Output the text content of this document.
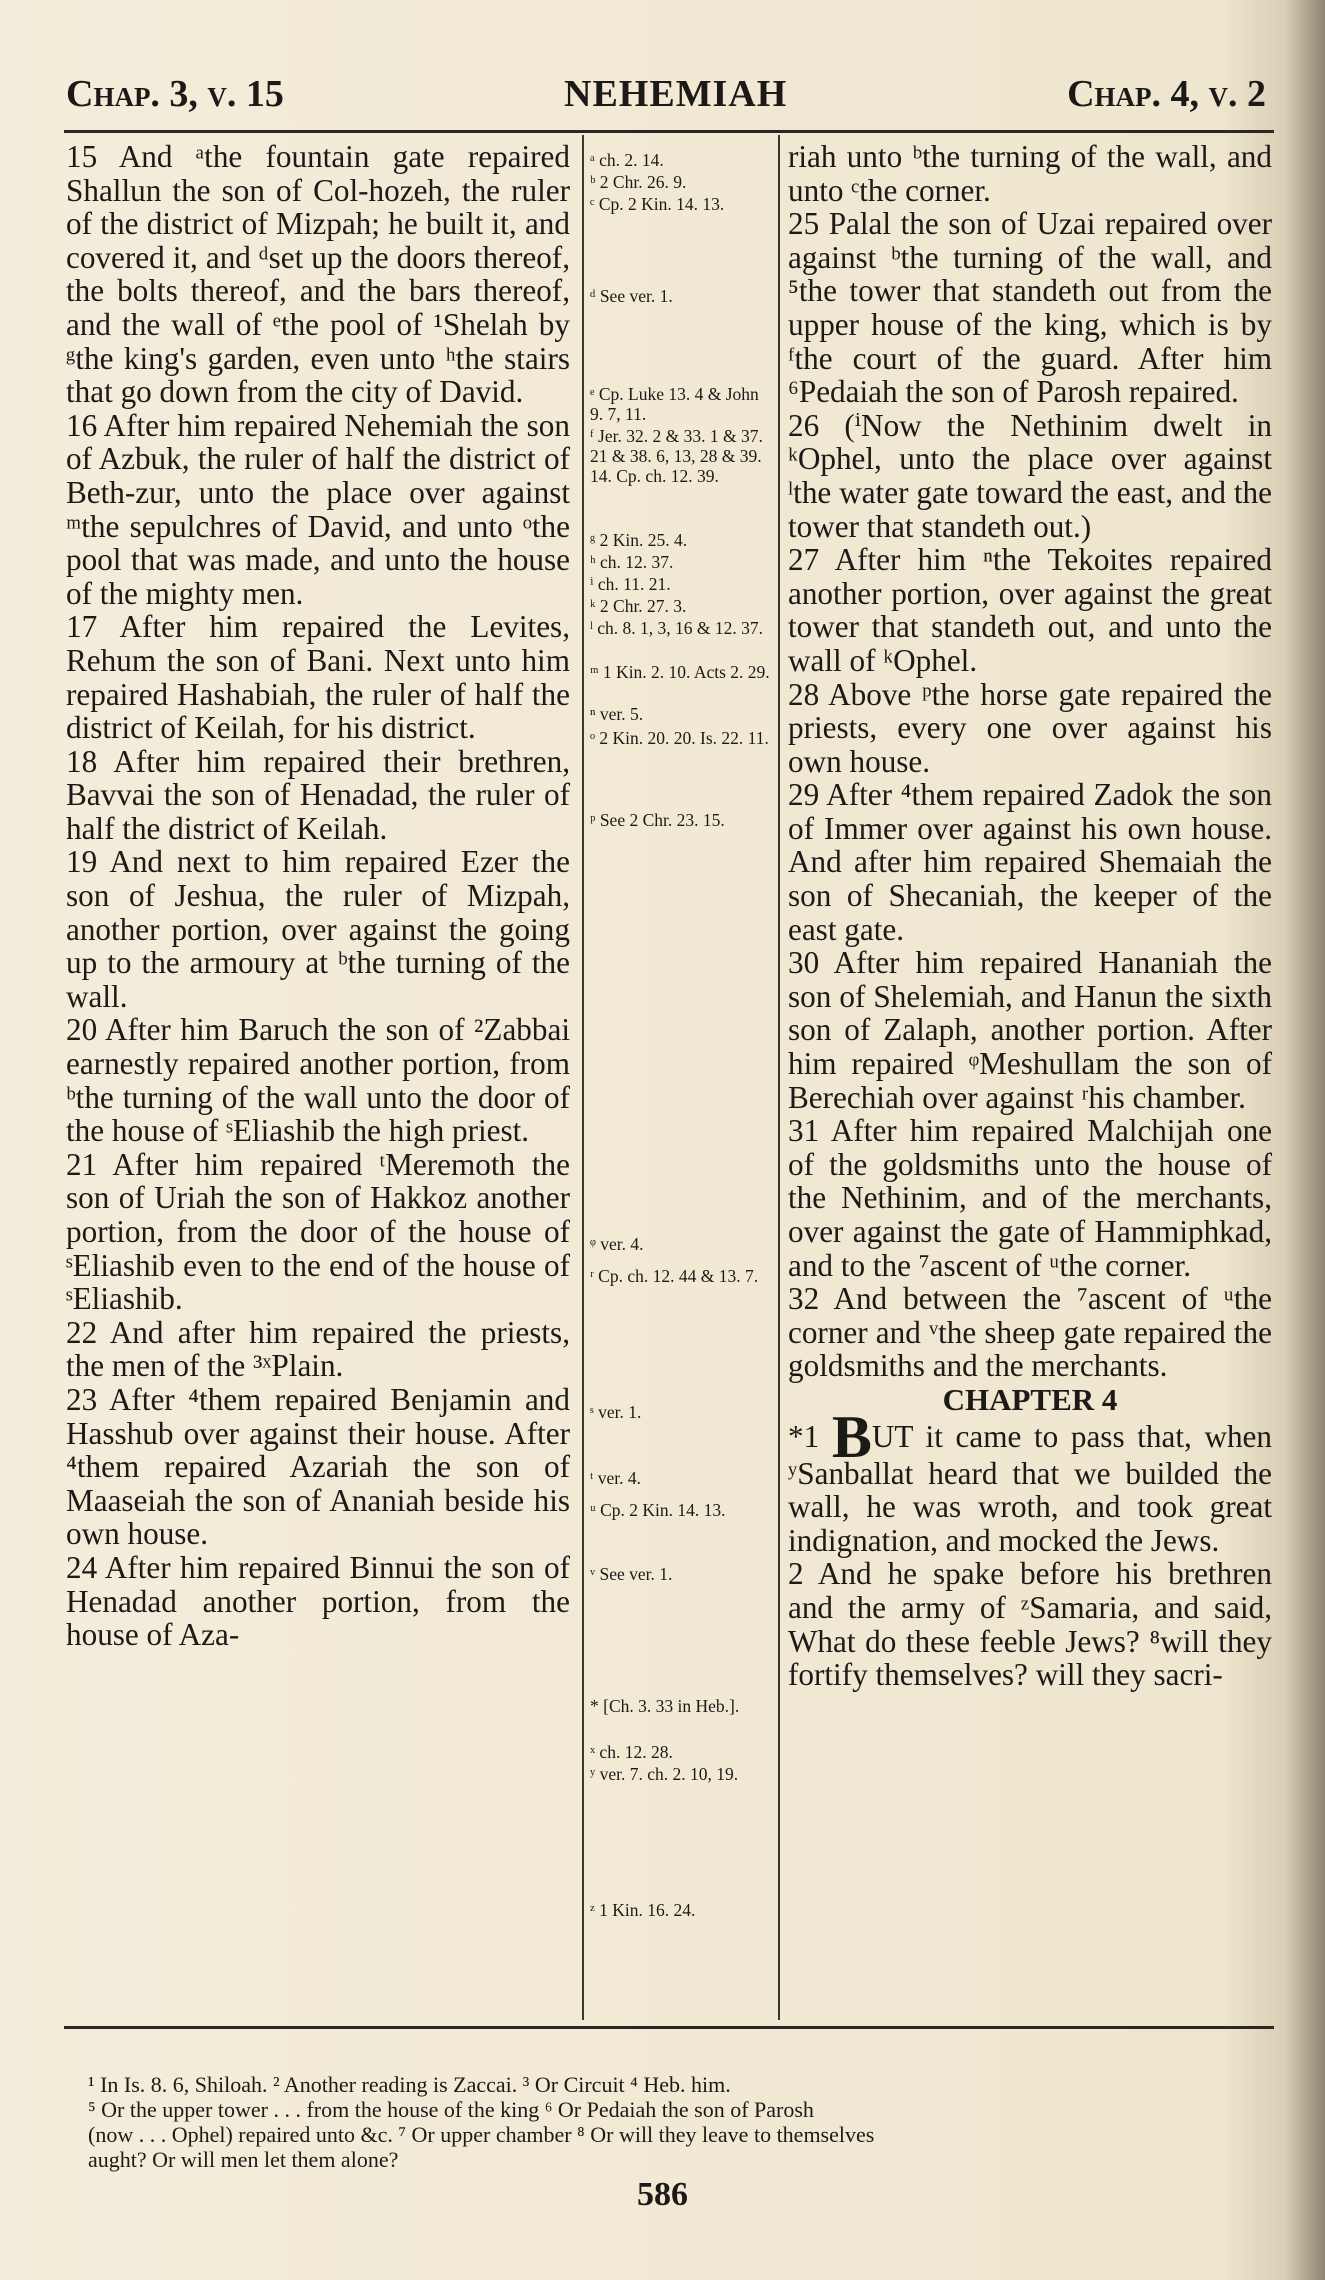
Chap. 3, v. 15	NEHEMIAH	Chap. 4, v. 2

15 And ᵃthe fountain gate repaired Shallun the son of Col-hozeh, the ruler of the district of Mizpah; he built it, and covered it, and ᵈset up the doors thereof, the bolts thereof, and the bars thereof, and the wall of ᵉthe pool of ¹Shelah by ᵍthe king's garden, even unto ʰthe stairs that go down from the city of David.

16 After him repaired Nehemiah the son of Azbuk, the ruler of half the district of Beth-zur, unto the place over against ᵐthe sepulchres of David, and unto ᵒthe pool that was made, and unto the house of the mighty men.

17 After him repaired the Levites, Rehum the son of Bani. Next unto him repaired Hashabiah, the ruler of half the district of Keilah, for his district.

18 After him repaired their brethren, Bavvai the son of Henadad, the ruler of half the district of Keilah.

19 And next to him repaired Ezer the son of Jeshua, the ruler of Mizpah, another portion, over against the going up to the armoury at ᵇthe turning of the wall.

20 After him Baruch the son of ²Zabbai earnestly repaired another portion, from ᵇthe turning of the wall unto the door of the house of ˢEliashib the high priest.

21 After him repaired ᵗMeremoth the son of Uriah the son of Hakkoz another portion, from the door of the house of ˢEliashib even to the end of the house of ˢEliashib.

22 And after him repaired the priests, the men of the ³ˣPlain.

23 After ⁴them repaired Benjamin and Hasshub over against their house. After ⁴them repaired Azariah the son of Maaseiah the son of Ananiah beside his own house.

24 After him repaired Binnui the son of Henadad another portion, from the house of Aza-

ᵃ ch. 2. 14.
ᵇ 2 Chr. 26. 9.
ᶜ Cp. 2 Kin. 14. 13.
ᵈ See ver. 1.
ᵉ Cp. Luke 13. 4 & John 9. 7, 11.
ᶠ Jer. 32. 2 & 33. 1 & 37. 21 & 38. 6, 13, 28 & 39. 14. Cp. ch. 12. 39.
ᵍ 2 Kin. 25. 4.
ʰ ch. 12. 37.
ⁱ ch. 11. 21.
ᵏ 2 Chr. 27. 3.
ˡ ch. 8. 1, 3, 16 & 12. 37.
ᵐ 1 Kin. 2. 10. Acts 2. 29.
ⁿ ver. 5.
ᵒ 2 Kin. 20. 20. Is. 22. 11.
ᵖ See 2 Chr. 23. 15.
ᵠ ver. 4.
ʳ Cp. ch. 12. 44 & 13. 7.
ˢ ver. 1.
ᵗ ver. 4.
ᵘ Cp. 2 Kin. 14. 13.
ᵛ See ver. 1.
* [Ch. 3. 33 in Heb.].
ˣ ch. 12. 28.
ʸ ver. 7. ch. 2. 10, 19.
ᶻ 1 Kin. 16. 24.

riah unto ᵇthe turning of the wall, and unto ᶜthe corner.

25 Palal the son of Uzai repaired over against ᵇthe turning of the wall, and ⁵the tower that standeth out from the upper house of the king, which is by ᶠthe court of the guard. After him ⁶Pedaiah the son of Parosh repaired.

26 (ⁱNow the Nethinim dwelt in ᵏOphel, unto the place over against ˡthe water gate toward the east, and the tower that standeth out.)

27 After him ⁿthe Tekoites repaired another portion, over against the great tower that standeth out, and unto the wall of ᵏOphel.

28 Above ᵖthe horse gate repaired the priests, every one over against his own house.

29 After ⁴them repaired Zadok the son of Immer over against his own house. And after him repaired Shemaiah the son of Shecaniah, the keeper of the east gate.

30 After him repaired Hananiah the son of Shelemiah, and Hanun the sixth son of Zalaph, another portion. After him repaired ᵠMeshullam the son of Berechiah over against ʳhis chamber.

31 After him repaired Malchijah one of the goldsmiths unto the house of the Nethinim, and of the merchants, over against the gate of Hammiphkad, and to the ⁷ascent of ᵘthe corner.

32 And between the ⁷ascent of ᵘthe corner and ᵛthe sheep gate repaired the goldsmiths and the merchants.

CHAPTER 4

*1 BUT it came to pass that, when ʸSanballat heard that we builded the wall, he was wroth, and took great indignation, and mocked the Jews.

2 And he spake before his brethren and the army of ᶻSamaria, and said, What do these feeble Jews? ⁸will they fortify themselves? will they sacri-

¹ In Is. 8. 6, Shiloah. ² Another reading is Zaccai. ³ Or Circuit ⁴ Heb. him.

⁵ Or the upper tower . . . from the house of the king ⁶ Or Pedaiah the son of Parosh

(now . . . Ophel) repaired unto &c. ⁷ Or upper chamber ⁸ Or will they leave to themselves

aught? Or will men let them alone?

586
